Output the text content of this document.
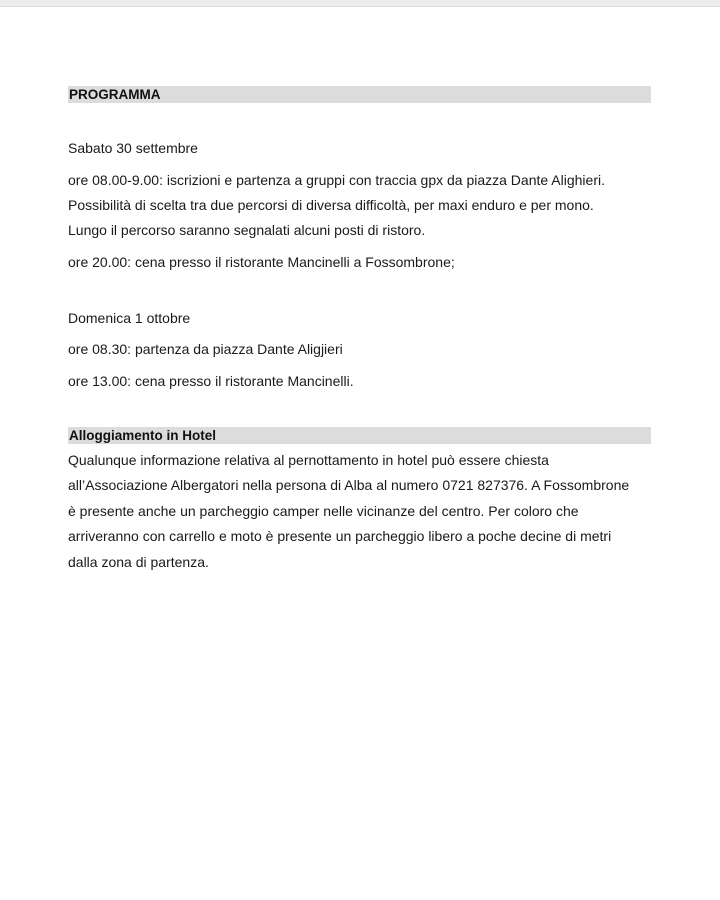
PROGRAMMA

Sabato 30 settembre

ore 08.00-9.00: iscrizioni e partenza a gruppi con traccia gpx da piazza Dante Alighieri.

Possibilità di scelta tra due percorsi di diversa difficoltà, per maxi enduro e per mono.

Lungo il percorso saranno segnalati alcuni posti di ristoro.

ore 20.00: cena presso il ristorante Mancinelli a Fossombrone;

Domenica 1 ottobre

ore 08.30: partenza da piazza Dante Aligjieri

ore 13.00: cena presso il ristorante Mancinelli.

Alloggiamento in Hotel

Qualunque informazione relativa al pernottamento in hotel può essere chiesta

all’Associazione Albergatori nella persona di Alba al numero 0721 827376. A Fossombrone

è presente anche un parcheggio camper nelle vicinanze del centro. Per coloro che

arriveranno con carrello e moto è presente un parcheggio libero a poche decine di metri

dalla zona di partenza.
